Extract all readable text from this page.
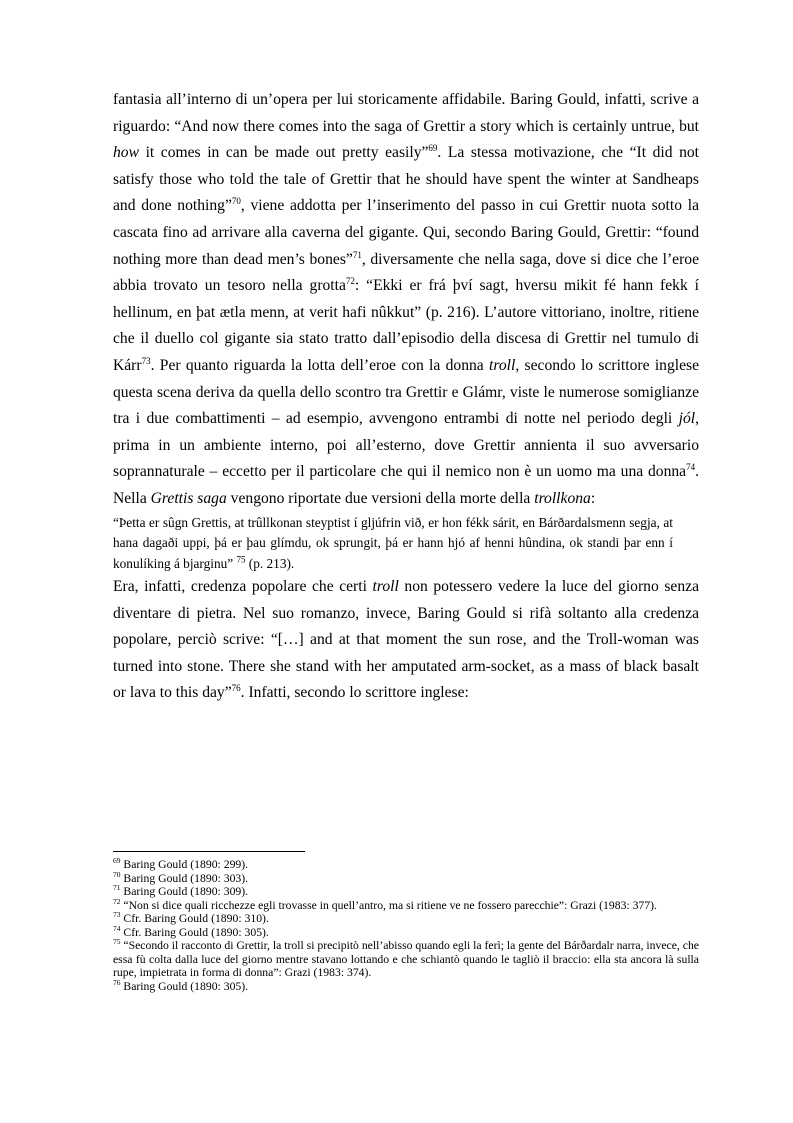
fantasia all’interno di un’opera per lui storicamente affidabile. Baring Gould, infatti, scrive a riguardo: “And now there comes into the saga of Grettir a story which is certainly untrue, but how it comes in can be made out pretty easily”$^{69}$. La stessa motivazione, che “It did not satisfy those who told the tale of Grettir that he should have spent the winter at Sandheaps and done nothing”$^{70}$, viene addotta per l’inserimento del passo in cui Grettir nuota sotto la cascata fino ad arrivare alla caverna del gigante. Qui, secondo Baring Gould, Grettir: “found nothing more than dead men’s bones”$^{71}$, diversamente che nella saga, dove si dice che l’eroe abbia trovato un tesoro nella grotta$^{72}$: “Ekki er frá því sagt, hversu mikit fé hann fekk í hellinum, en þat ætla menn, at verit hafi nûkkut” (p. 216). L’autore vittoriano, inoltre, ritiene che il duello col gigante sia stato tratto dall’episodio della discesa di Grettir nel tumulo di Kárr$^{73}$. Per quanto riguarda la lotta dell’eroe con la donna troll, secondo lo scrittore inglese questa scena deriva da quella dello scontro tra Grettir e Glámr, viste le numerose somiglianze tra i due combattimenti – ad esempio, avvengono entrambi di notte nel periodo degli jól, prima in un ambiente interno, poi all’esterno, dove Grettir annienta il suo avversario soprannaturale – eccetto per il particolare che qui il nemico non è un uomo ma una donna$^{74}$. Nella Grettis saga vengono riportate due versioni della morte della trollkona:

“Þetta er sûgn Grettis, at trûllkonan steyptist í gljúfrin við, er hon fékk sárit, en Bárðardalsmenn segja, at hana dagaði uppi, þá er þau glímdu, ok sprungit, þá er hann hjó af henni hûndina, ok standi þar enn í konulíking á bjarginu” $^{75}$ (p. 213).

Era, infatti, credenza popolare che certi troll non potessero vedere la luce del giorno senza diventare di pietra. Nel suo romanzo, invece, Baring Gould si rifà soltanto alla credenza popolare, perciò scrive: “[…] and at that moment the sun rose, and the Troll-woman was turned into stone. There she stand with her amputated arm-socket, as a mass of black basalt or lava to this day”$^{76}$. Infatti, secondo lo scrittore inglese:

$^{69}$ Baring Gould (1890: 299).

$^{70}$ Baring Gould (1890: 303).

$^{71}$ Baring Gould (1890: 309).

$^{72}$ “Non si dice quali ricchezze egli trovasse in quell’antro, ma si ritiene ve ne fossero parecchie”: Grazi (1983: 377).

$^{73}$ Cfr. Baring Gould (1890: 310).

$^{74}$ Cfr. Baring Gould (1890: 305).

$^{75}$ “Secondo il racconto di Grettir, la troll si precipitò nell’abisso quando egli la ferì; la gente del Bárðardalr narra, invece, che essa fù colta dalla luce del giorno mentre stavano lottando e che schiantò quando le tagliò il braccio: ella sta ancora là sulla rupe, impietrata in forma di donna”: Grazi (1983: 374).

$^{76}$ Baring Gould (1890: 305).
